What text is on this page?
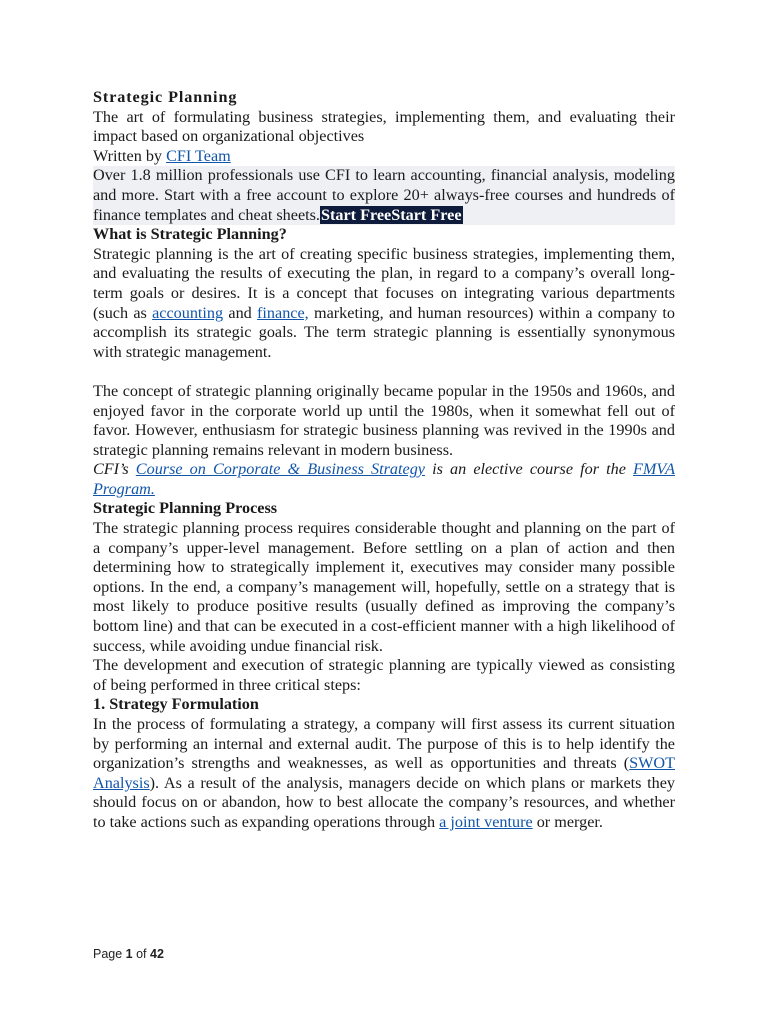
Strategic Planning

The art of formulating business strategies, implementing them, and evaluating their impact based on organizational objectives

Written by CFI Team

Over 1.8 million professionals use CFI to learn accounting, financial analysis, modeling and more. Start with a free account to explore 20+ always-free courses and hundreds of finance templates and cheat sheets.Start FreeStart Free

What is Strategic Planning?

Strategic planning is the art of creating specific business strategies, implementing them, and evaluating the results of executing the plan, in regard to a company’s overall long-term goals or desires. It is a concept that focuses on integrating various departments (such as accounting and finance, marketing, and human resources) within a company to accomplish its strategic goals. The term strategic planning is essentially synonymous with strategic management.

The concept of strategic planning originally became popular in the 1950s and 1960s, and enjoyed favor in the corporate world up until the 1980s, when it somewhat fell out of favor. However, enthusiasm for strategic business planning was revived in the 1990s and strategic planning remains relevant in modern business.

CFI’s Course on Corporate & Business Strategy is an elective course for the FMVA Program.

Strategic Planning Process

The strategic planning process requires considerable thought and planning on the part of a company’s upper-level management. Before settling on a plan of action and then determining how to strategically implement it, executives may consider many possible options. In the end, a company’s management will, hopefully, settle on a strategy that is most likely to produce positive results (usually defined as improving the company’s bottom line) and that can be executed in a cost-efficient manner with a high likelihood of success, while avoiding undue financial risk.

The development and execution of strategic planning are typically viewed as consisting of being performed in three critical steps:

1. Strategy Formulation

In the process of formulating a strategy, a company will first assess its current situation by performing an internal and external audit. The purpose of this is to help identify the organization’s strengths and weaknesses, as well as opportunities and threats (SWOT Analysis). As a result of the analysis, managers decide on which plans or markets they should focus on or abandon, how to best allocate the company’s resources, and whether to take actions such as expanding operations through a joint venture or merger.

Page 1 of 42
